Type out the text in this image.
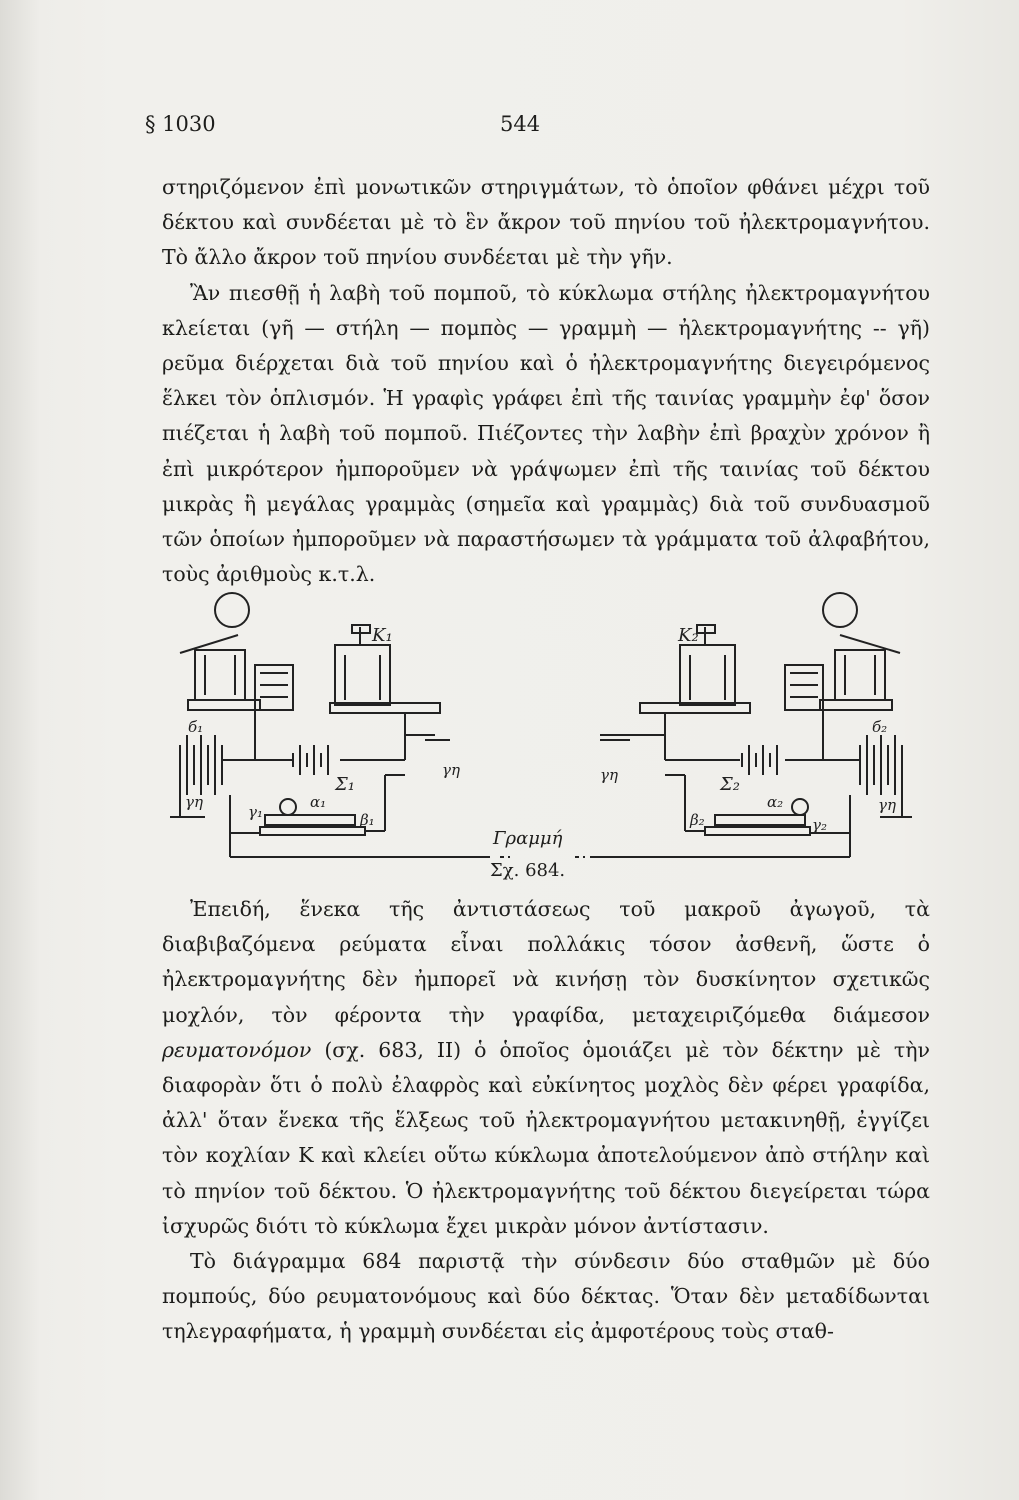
§ 1030	544

στηριζόμενον ἐπὶ μονωτικῶν στηριγμάτων, τὸ ὁποῖον φθάνει μέχρι τοῦ δέκτου καὶ συνδέεται μὲ τὸ ἓν ἄκρον τοῦ πηνίου τοῦ ἠλεκτρομαγνήτου. Τὸ ἄλλο ἄκρον τοῦ πηνίου συνδέεται μὲ τὴν γῆν.

Ἂν πιεσθῇ ἡ λαβὴ τοῦ πομποῦ, τὸ κύκλωμα στήλης ἠλεκτρομαγνήτου κλείεται (γῆ — στήλη — πομπὸς — γραμμὴ — ἠλεκτρομαγνήτης -- γῆ) ρεῦμα διέρχεται διὰ τοῦ πηνίου καὶ ὁ ἠλεκτρομαγνήτης διεγειρόμενος ἕλκει τὸν ὁπλισμόν. Ἡ γραφὶς γράφει ἐπὶ τῆς ταινίας γραμμὴν ἐφ' ὅσον πιέζεται ἡ λαβὴ τοῦ πομποῦ. Πιέζοντες τὴν λαβὴν ἐπὶ βραχὺν χρόνον ἢ ἐπὶ μικρότερον ἠμποροῦμεν νὰ γράψωμεν ἐπὶ τῆς ταινίας τοῦ δέκτου μικρὰς ἢ μεγάλας γραμμὰς (σημεῖα καὶ γραμμὰς) διὰ τοῦ συνδυασμοῦ τῶν ὁποίων ἠμποροῦμεν νὰ παραστήσωμεν τὰ γράμματα τοῦ ἀλφαβήτου, τοὺς ἀριθμοὺς κ.τ.λ.

K₁	K₂
б₁	б₂
Σ₁	Σ₂
γη
γη	γη
γη
γ₁
γ₂
α₁	α₂
β₁	β₂
Γραμμή
Σχ. 684.

Ἐπειδή, ἕνεκα τῆς ἀντιστάσεως τοῦ μακροῦ ἀγωγοῦ, τὰ διαβιβαζόμενα ρεύματα εἶναι πολλάκις τόσον ἀσθενῆ, ὥστε ὁ ἠλεκτρομαγνήτης δὲν ἠμπορεῖ νὰ κινήσῃ τὸν δυσκίνητον σχετικῶς μοχλόν, τὸν φέροντα τὴν γραφίδα, μεταχειριζόμεθα διάμεσον ρευματονόμον (σχ. 683, II) ὁ ὁποῖος ὁμοιάζει μὲ τὸν δέκτην μὲ τὴν διαφορὰν ὅτι ὁ πολὺ ἐλαφρὸς καὶ εὐκίνητος μοχλὸς δὲν φέρει γραφίδα, ἀλλ' ὅταν ἕνεκα τῆς ἕλξεως τοῦ ἠλεκτρομαγνήτου μετακινηθῇ, ἐγγίζει τὸν κοχλίαν Κ καὶ κλείει οὕτω κύκλωμα ἀποτελούμενον ἀπὸ στήλην καὶ τὸ πηνίον τοῦ δέκτου. Ὁ ἠλεκτρομαγνήτης τοῦ δέκτου διεγείρεται τώρα ἰσχυρῶς διότι τὸ κύκλωμα ἔχει μικρὰν μόνον ἀντίστασιν.

Τὸ διάγραμμα 684 παριστᾷ τὴν σύνδεσιν δύο σταθμῶν μὲ δύο πομπούς, δύο ρευματονόμους καὶ δύο δέκτας. Ὅταν δὲν μεταδίδωνται τηλεγραφήματα, ἡ γραμμὴ συνδέεται εἰς ἀμφοτέρους τοὺς σταθ-
